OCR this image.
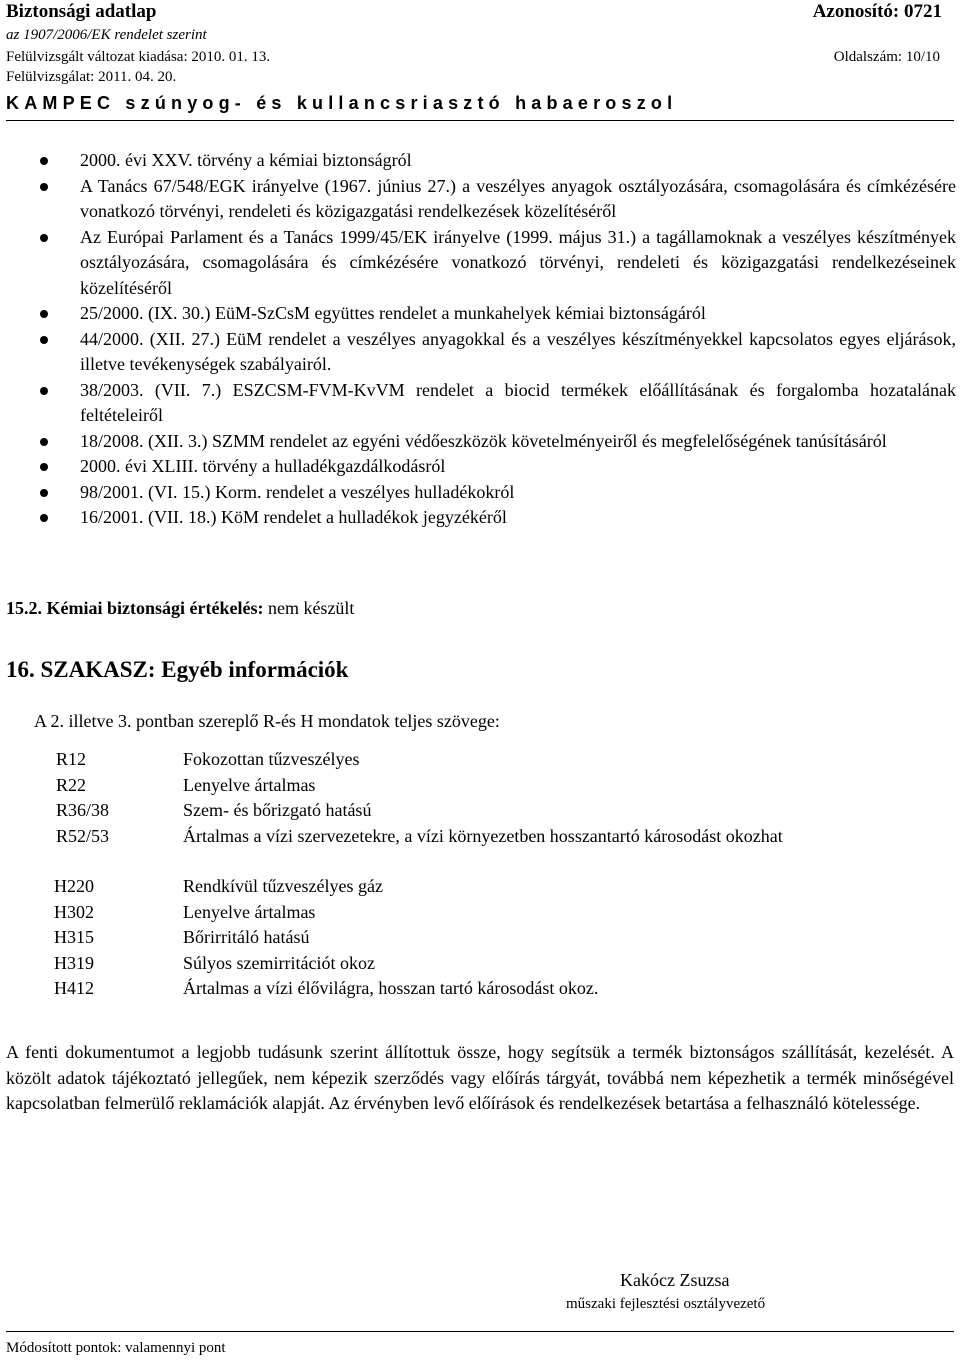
Biztonsági adatlap	Azonosító: 0721
az 1907/2006/EK rendelet szerint
Felülvizsgált változat kiadása: 2010. 01. 13.	Oldalszám: 10/10
Felülvizsgálat: 2011. 04. 20.
KAMPEC szúnyog- és kullancsriasztó habaeroszol
2000. évi XXV. törvény a kémiai biztonságról
A Tanács 67/548/EGK irányelve (1967. június 27.) a veszélyes anyagok osztályozására, csomagolására és címkézésére vonatkozó törvényi, rendeleti és közigazgatási rendelkezések közelítéséről
Az Európai Parlament és a Tanács 1999/45/EK irányelve (1999. május 31.) a tagállamoknak a veszélyes készítmények osztályozására, csomagolására és címkézésére vonatkozó törvényi, rendeleti és közigazgatási rendelkezéseinek közelítéséről
25/2000. (IX. 30.) EüM-SzCsM együttes rendelet a munkahelyek kémiai biztonságáról
44/2000. (XII. 27.) EüM rendelet a veszélyes anyagokkal és a veszélyes készítményekkel kapcsolatos egyes eljárások, illetve tevékenységek szabályairól.
38/2003. (VII. 7.) ESZCSM-FVM-KvVM rendelet a biocid termékek előállításának és forgalomba hozatalának feltételeiről
18/2008. (XII. 3.) SZMM rendelet az egyéni védőeszközök követelményeiről és megfelelőségének tanúsításáról
2000. évi XLIII. törvény a hulladékgazdálkodásról
98/2001. (VI. 15.) Korm. rendelet a veszélyes hulladékokról
16/2001. (VII. 18.) KöM rendelet a hulladékok jegyzékéről
15.2. Kémiai biztonsági értékelés: nem készült
16. SZAKASZ: Egyéb információk
A 2. illetve 3. pontban szereplő R-és H mondatok teljes szövege:
R12	Fokozottan tűzveszélyes
R22	Lenyelve ártalmas
R36/38	Szem- és bőrizgató hatású
R52/53	Ártalmas a vízi szervezetekre, a vízi környezetben hosszantartó károsodást okozhat
H220	Rendkívül tűzveszélyes gáz
H302	Lenyelve ártalmas
H315	Bőrirritáló hatású
H319	Súlyos szemirritációt okoz
H412	Ártalmas a vízi élővilágra, hosszan tartó károsodást okoz.

A fenti dokumentumot a legjobb tudásunk szerint állítottuk össze, hogy segítsük a termék biztonságos szállítását, kezelését. A közölt adatok tájékoztató jellegűek, nem képezik szerződés vagy előírás tárgyát, továbbá nem képezhetik a termék minőségével kapcsolatban felmerülő reklamációk alapját. Az érvényben levő előírások és rendelkezések betartása a felhasználó kötelessége.

Kakócz Zsuzsa
műszaki fejlesztési osztályvezető
Módosított pontok: valamennyi pont
